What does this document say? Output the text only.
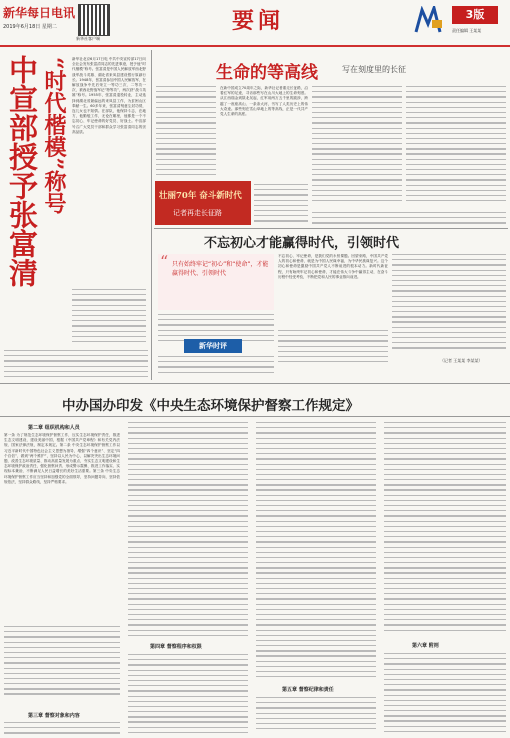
新华每日电讯
2019年6月18日 星期二
新华社客户端
要闻	3版
责任编辑 王某某
“时代楷模”称号
中宣部授予张富清	新华社北京6月17日电 中共中央宣传部17日向全社会发布张富清同志的先进事迹，授予他“时代楷模”称号。张富清是中国人民解放军西北野战军战斗英雄、湖北省来凤县建设银行原副行长。1948年，张富清参加中国人民解放军，在解放战争中先后荣立一等功三次、二等功一次，被西北野战军记“特等功”，两次获“战斗英雄”称号。1955年，张富清退役转业，主动选择到湖北省最偏远的来凤县工作，为贫困山区奉献一生。60多年来，张富清刻意尘封功绩，连儿女也不知情。在部队，他保持斗志，在地方，他勤勉工作，无论在哪里，他都是一个不忘初心、牢记使命的好党员、好战士。中宣部号召广大党员干部和群众学习张富清同志的崇高品质。
生命的等高线	写在刻度里的长征
在新中国成立70周年之际，新华社记者重走长征路，沿着红军的足迹，寻访那些写在山川大地上的生命刻度。从江西瑞金到陕北吴起，红军用两万五千里的跋涉，跨越了一座座高山、一条条大河，书写了人类历史上的伟大奇迹。那些刻在雪山草地上的等高线，正是一代共产党人生命的高度。
壮丽70年 奋斗新时代
记者再走长征路
不忘初心才能赢得时代，引领时代
“ 只有始终牢记“初心”和“使命”，才能赢得时代、引领时代
新华时评
不忘初心、牢记使命，是我们党的永恒课题。回望来路，中国共产党人的初心和使命，就是为中国人民谋幸福，为中华民族谋复兴。这个初心和使命是激励中国共产党人不断前进的根本动力。新时代新征程，只有始终牢记初心和使命，才能在伟大斗争中赢得主动，在奋斗历程中经受考验，不断把党和人民的事业推向前进。
（记者 王某某 李某某）
中办国办印发《中央生态环境保护督察工作规定》
第二章 组织机构和人员
第一条 为了规范生态环境保护督察工作，压实生态环境保护责任，推进生态文明建设，建设美丽中国，根据《中国共产党章程》和有关党内法规、国家法律法规，制定本规定。第二条 中央生态环境保护督察工作以习近平新时代中国特色社会主义思想为指导，增强“四个意识”、坚定“四个自信”、做到“两个维护”，坚持以人民为中心，以解决突出生态环境问题、改善生态环境质量、推动高质量发展为重点，夯实生态文明建设和生态环境保护政治责任，强化督察问责、形成警示震慑、推进工作落实、实现标本兼治，不断满足人民日益增长的美好生活需要。第三条 中央生态环境保护督察工作应当坚持和加强党的全面领导，坚持问题导向，坚持依规依法，坚持群众路线，坚持严格要求。
第三章 督察对象和内容
第四章 督察程序和权限
第五章 督察纪律和责任
第六章 附则
